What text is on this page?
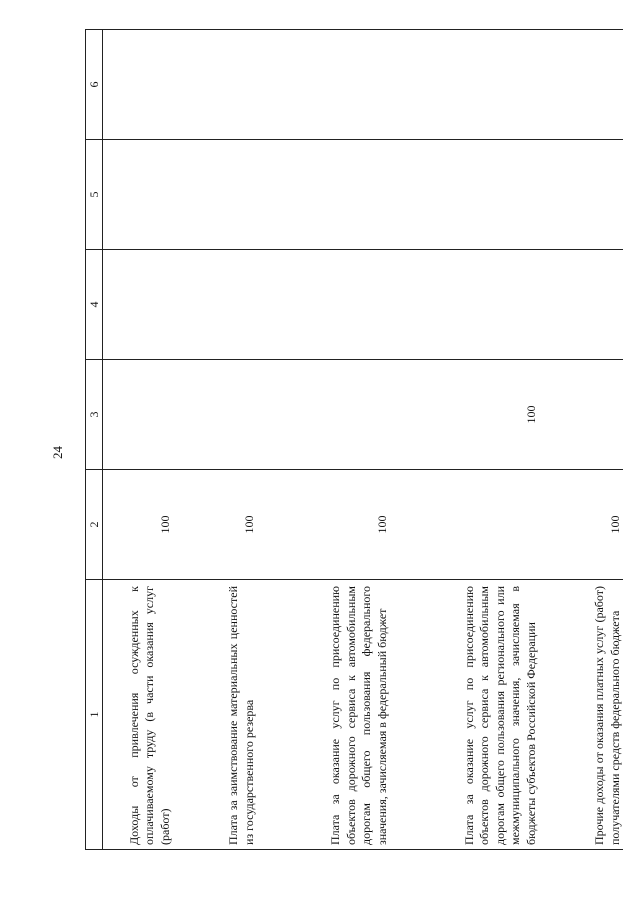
24
1	2	3	4	5	6

Доходы от привлечения осужденных к оплачиваемому труду (в части оказания услуг (работ)	100				

Плата за заимствование материальных ценностей из государственного резерва	100				

Плата за оказание услуг по присоединению объектов дорожного сервиса к автомобильным дорогам общего пользования федерального значения, зачисляемая в федеральный бюджет	100				

Плата за оказание услуг по присоединению объектов дорожного сервиса к автомобильным дорогам общего пользования регионального или межмуниципального значения, зачисляемая в бюджеты субъектов Российской Федерации		100			

Прочие доходы от оказания платных услуг (работ) получателями средств федерального бюджета	100				
